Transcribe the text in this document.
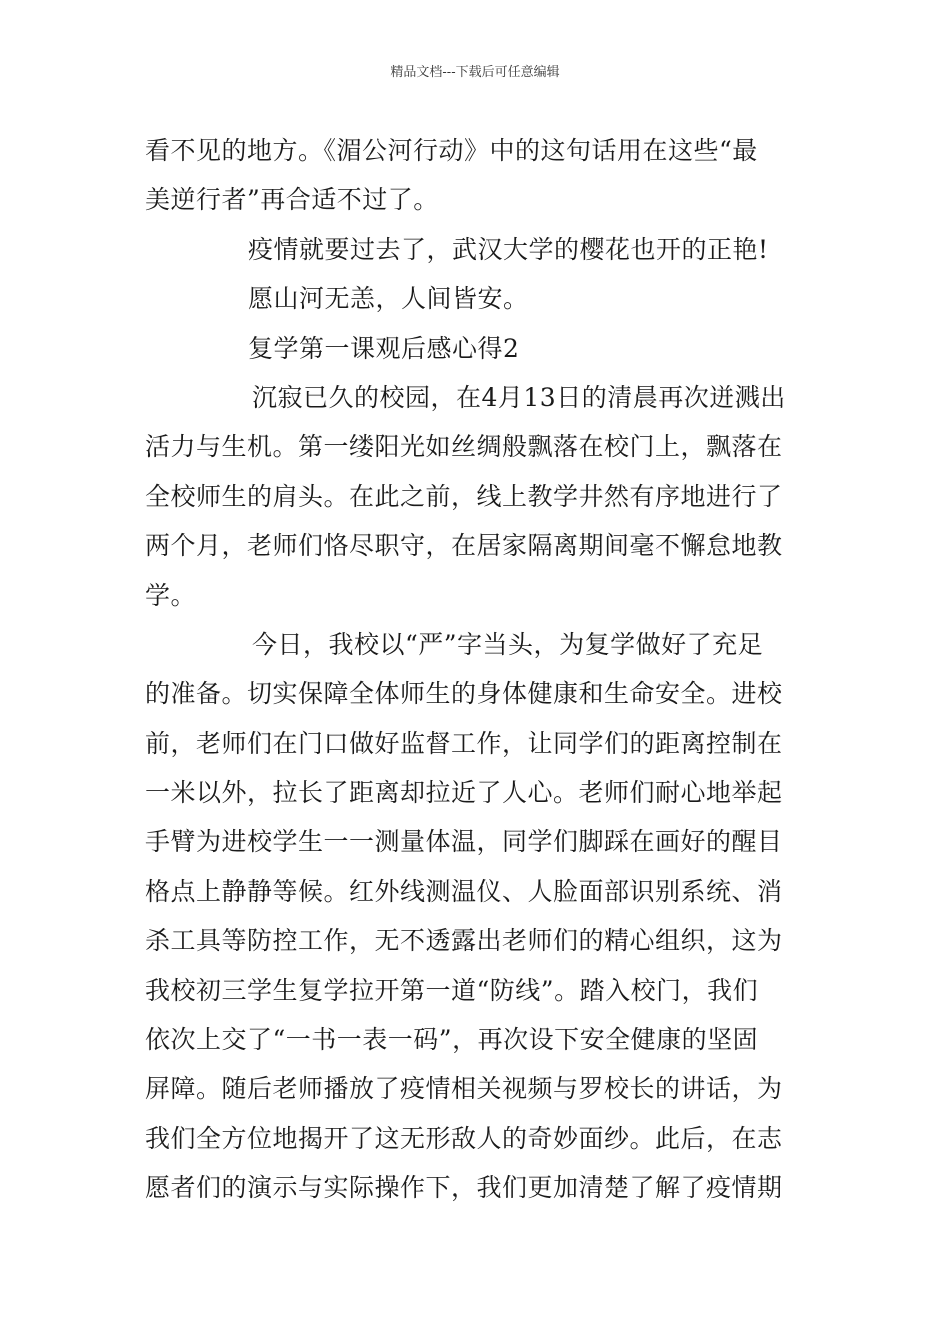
精品文档---下载后可任意编辑
看不见的地方。《湄公河行动》中的这句话用在这些“最
美逆行者”再合适不过了。
疫情就要过去了，武汉大学的樱花也开的正艳!
愿山河无恙，人间皆安。
复学第一课观后感心得2
沉寂已久的校园，在4月13日的清晨再次迸溅出
活力与生机。第一缕阳光如丝绸般飘落在校门上，飘落在
全校师生的肩头。在此之前，线上教学井然有序地进行了
两个月，老师们恪尽职守，在居家隔离期间毫不懈怠地教
学。
今日，我校以“严”字当头，为复学做好了充足
的准备。切实保障全体师生的身体健康和生命安全。进校
前，老师们在门口做好监督工作，让同学们的距离控制在
一米以外，拉长了距离却拉近了人心。老师们耐心地举起
手臂为进校学生一一测量体温，同学们脚踩在画好的醒目
格点上静静等候。红外线测温仪、人脸面部识别系统、消
杀工具等防控工作，无不透露出老师们的精心组织，这为
我校初三学生复学拉开第一道“防线”。踏入校门，我们
依次上交了“一书一表一码”，再次设下安全健康的坚固
屏障。随后老师播放了疫情相关视频与罗校长的讲话，为
我们全方位地揭开了这无形敌人的奇妙面纱。此后，在志
愿者们的演示与实际操作下，我们更加清楚了解了疫情期
